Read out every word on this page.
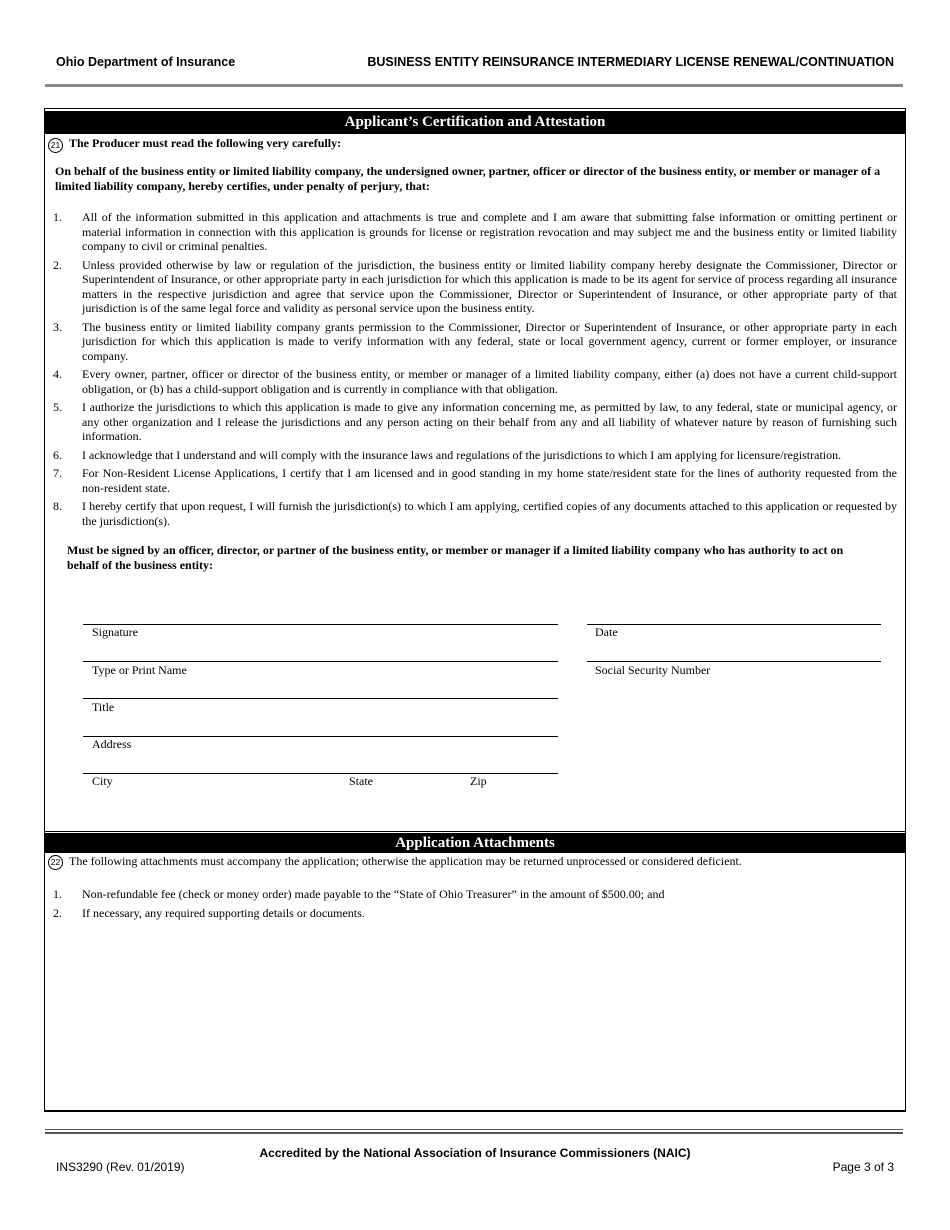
Ohio Department of Insurance	BUSINESS ENTITY REINSURANCE INTERMEDIARY LICENSE RENEWAL/CONTINUATION
Applicant’s Certification and Attestation
21 The Producer must read the following very carefully:
On behalf of the business entity or limited liability company, the undersigned owner, partner, officer or director of the business entity, or member or manager of a limited liability company, hereby certifies, under penalty of perjury, that:
1.	All of the information submitted in this application and attachments is true and complete and I am aware that submitting false information or omitting pertinent or material information in connection with this application is grounds for license or registration revocation and may subject me and the business entity or limited liability company to civil or criminal penalties.
2.	Unless provided otherwise by law or regulation of the jurisdiction, the business entity or limited liability company hereby designate the Commissioner, Director or Superintendent of Insurance, or other appropriate party in each jurisdiction for which this application is made to be its agent for service of process regarding all insurance matters in the respective jurisdiction and agree that service upon the Commissioner, Director or Superintendent of Insurance, or other appropriate party of that jurisdiction is of the same legal force and validity as personal service upon the business entity.
3.	The business entity or limited liability company grants permission to the Commissioner, Director or Superintendent of Insurance, or other appropriate party in each jurisdiction for which this application is made to verify information with any federal, state or local government agency, current or former employer, or insurance company.
4.	Every owner, partner, officer or director of the business entity, or member or manager of a limited liability company, either (a) does not have a current child-support obligation, or (b) has a child-support obligation and is currently in compliance with that obligation.
5.	I authorize the jurisdictions to which this application is made to give any information concerning me, as permitted by law, to any federal, state or municipal agency, or any other organization and I release the jurisdictions and any person acting on their behalf from any and all liability of whatever nature by reason of furnishing such information.
6.	I acknowledge that I understand and will comply with the insurance laws and regulations of the jurisdictions to which I am applying for licensure/registration.
7.	For Non-Resident License Applications, I certify that I am licensed and in good standing in my home state/resident state for the lines of authority requested from the non-resident state.
8.	I hereby certify that upon request, I will furnish the jurisdiction(s) to which I am applying, certified copies of any documents attached to this application or requested by the jurisdiction(s).
Must be signed by an officer, director, or partner of the business entity, or member or manager if a limited liability company who has authority to act on behalf of the business entity:
Signature	Date
Type or Print Name	Social Security Number
Title
Address
City	State	Zip
Application Attachments
22 The following attachments must accompany the application; otherwise the application may be returned unprocessed or considered deficient.
1.	Non-refundable fee (check or money order) made payable to the “State of Ohio Treasurer” in the amount of $500.00; and
2.	If necessary, any required supporting details or documents.
Accredited by the National Association of Insurance Commissioners (NAIC)
INS3290 (Rev. 01/2019)	Page 3 of 3
